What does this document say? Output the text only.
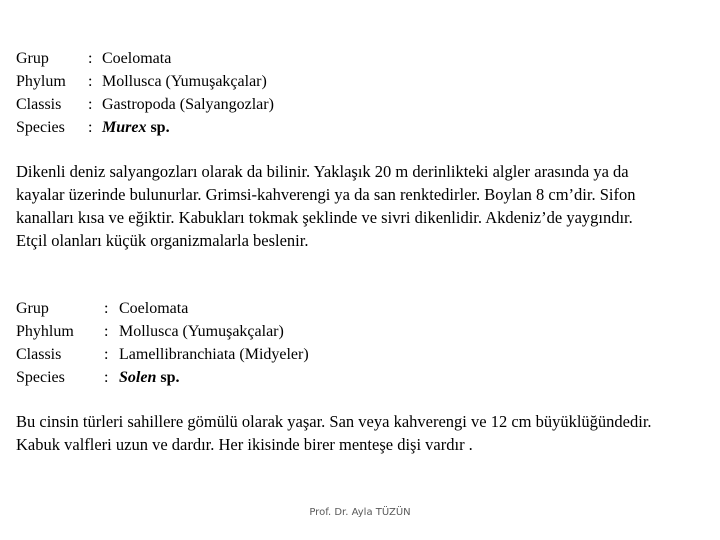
Grup	: Coelomata
Phylum	: Mollusca (Yumuşakçalar)
Classis	: Gastropoda (Salyangozlar)
Species	: Murex sp.

Dikenli deniz salyangozları olarak da bilinir. Yaklaşık 20 m derinlikteki algler arasında ya da kayalar üzerinde bulunurlar. Grimsi-kahverengi ya da san renktedirler. Boylan 8 cm’dir. Sifon kanalları kısa ve eğiktir. Kabukları tokmak şeklinde ve sivri dikenlidir. Akdeniz’de yaygındır. Etçil olanları küçük organizmalarla beslenir.

Grup	: Coelomata
Phyhlum	: Mollusca (Yumuşakçalar)
Classis	: Lamellibranchiata (Midyeler)
Species	: Solen sp.

Bu cinsin türleri sahillere gömülü olarak yaşar. San veya kahverengi ve 12 cm büyüklüğündedir. Kabuk valfleri uzun ve dardır. Her ikisinde birer menteşe dişi vardır .

Prof. Dr. Ayla TÜZÜN
